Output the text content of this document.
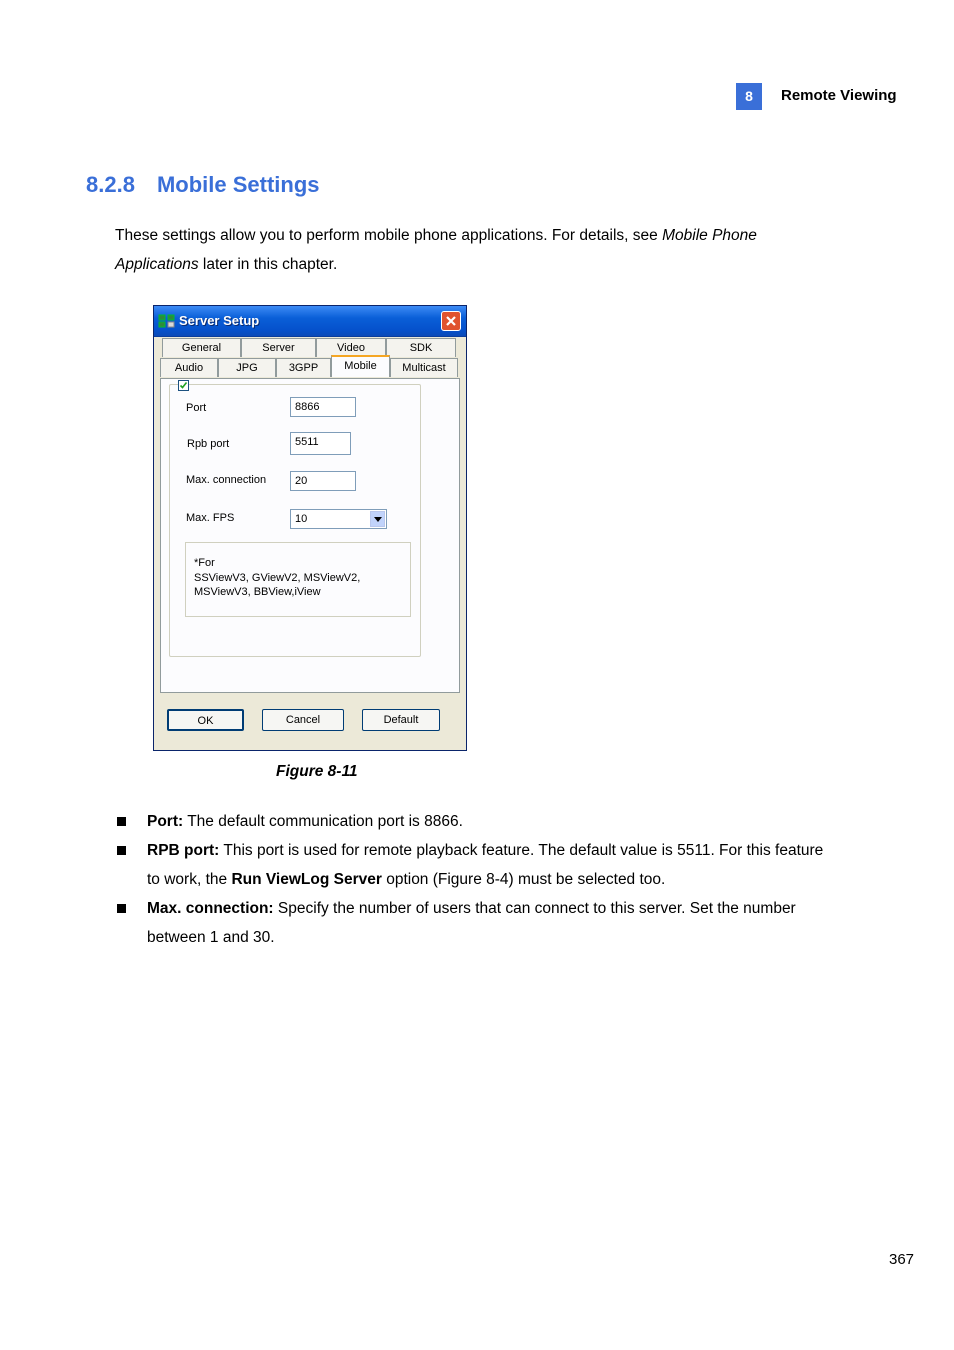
8	Remote Viewing
8.2.8 Mobile Settings
These settings allow you to perform mobile phone applications. For details, see Mobile Phone Applications later in this chapter.
Server Setup
General	Server	Video	SDK
Audio	JPG	3GPP	Mobile	Multicast
Port	8866
Rpb port	5511
Max. connection	20
Max. FPS	10
*For
SSViewV3, GViewV2, MSViewV2,
MSViewV3, BBView,iView
OK	Cancel	Default
Figure 8-11
Port: The default communication port is 8866.
RPB port: This port is used for remote playback feature. The default value is 5511. For this feature to work, the Run ViewLog Server option (Figure 8-4) must be selected too.
Max. connection: Specify the number of users that can connect to this server. Set the number between 1 and 30.
367
